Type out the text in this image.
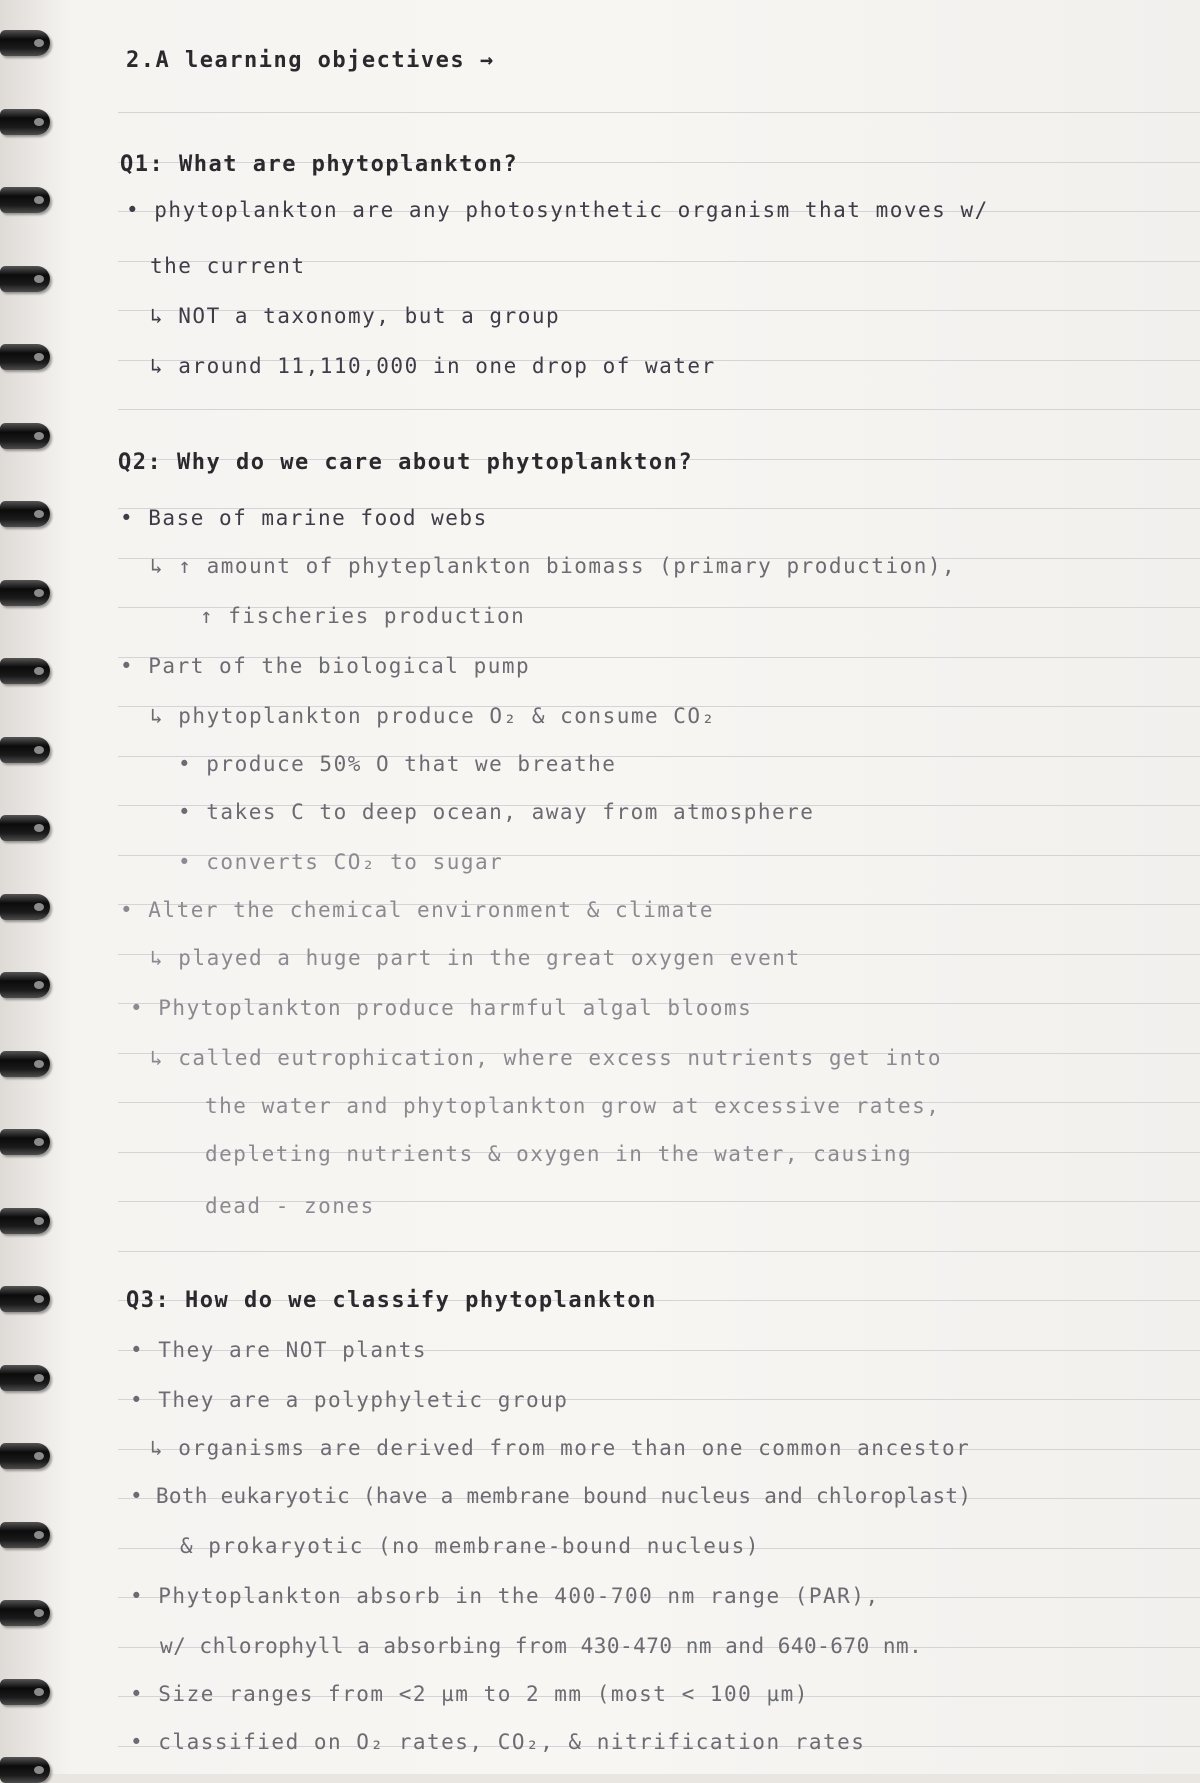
2.A learning objectives →
Q1: What are phytoplankton?
• phytoplankton are any photosynthetic organism that moves w/
the current
↳ NOT a taxonomy, but a group
↳ around 11,110,000 in one drop of water
Q2: Why do we care about phytoplankton?
• Base of marine food webs
↳ ↑ amount of phyteplankton biomass (primary production),
↑ fischeries production
• Part of the biological pump
↳ phytoplankton produce O₂ & consume CO₂
• produce 50% O that we breathe
• takes C to deep ocean, away from atmosphere
• converts CO₂ to sugar
• Alter the chemical environment & climate
↳ played a huge part in the great oxygen event
• Phytoplankton produce harmful algal blooms
↳ called eutrophication, where excess nutrients get into
the water and phytoplankton grow at excessive rates,
depleting nutrients & oxygen in the water, causing
dead - zones
Q3: How do we classify phytoplankton
• They are NOT plants
• They are a polyphyletic group
↳ organisms are derived from more than one common ancestor
• Both eukaryotic (have a membrane bound nucleus and chloroplast)
& prokaryotic (no membrane-bound nucleus)
• Phytoplankton absorb in the 400-700 nm range (PAR),
w/ chlorophyll a absorbing from 430-470 nm and 640-670 nm.
• Size ranges from <2 µm to 2 mm (most < 100 µm)
• classified on O₂ rates, CO₂, & nitrification rates
